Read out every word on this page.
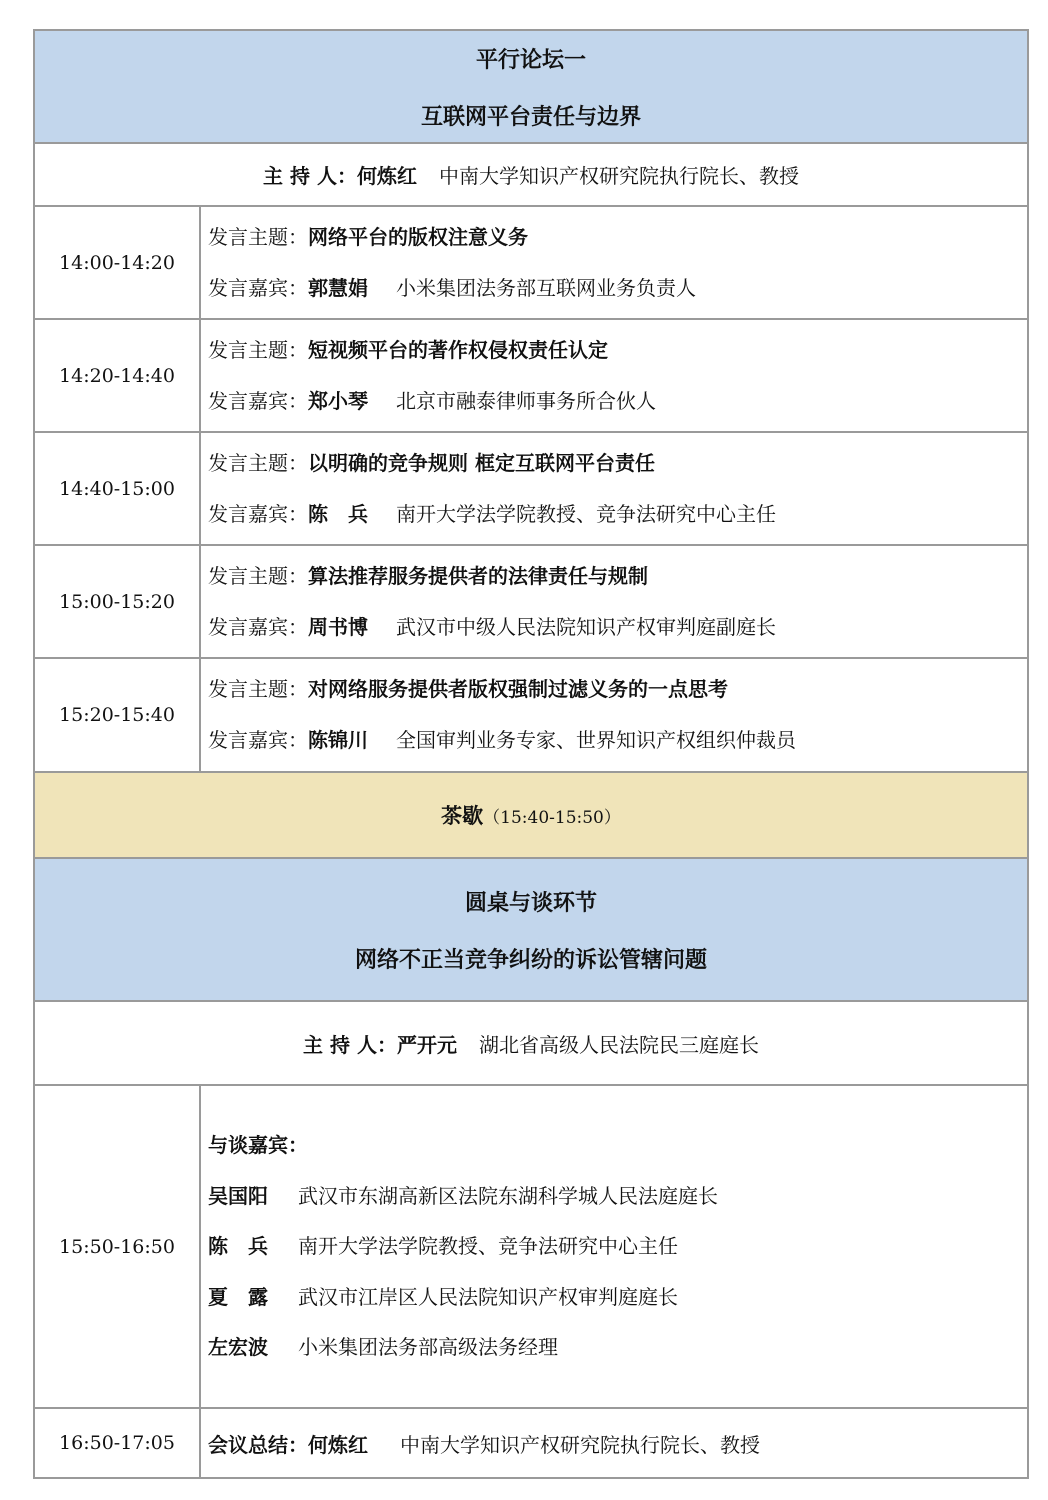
平行论坛一
互联网平台责任与边界	

主 持 人：何炼红 中南大学知识产权研究院执行院长、教授	
14:00-14:20	发言主题：网络平台的版权注意义务
发言嘉宾：郭慧娟 小米集团法务部互联网业务负责人

14:20-14:40	发言主题：短视频平台的著作权侵权责任认定
发言嘉宾：郑小琴 北京市融泰律师事务所合伙人

14:40-15:00	发言主题：以明确的竞争规则 框定互联网平台责任
发言嘉宾：陈　兵 南开大学法学院教授、竞争法研究中心主任

15:00-15:20	发言主题：算法推荐服务提供者的法律责任与规制
发言嘉宾：周书博 武汉市中级人民法院知识产权审判庭副庭长

15:20-15:40	发言主题：对网络服务提供者版权强制过滤义务的一点思考
发言嘉宾：陈锦川 全国审判业务专家、世界知识产权组织仲裁员

茶歇（15:40-15:50）	

圆桌与谈环节
网络不正当竞争纠纷的诉讼管辖问题	

主 持 人：严开元 湖北省高级人民法院民三庭庭长	
15:50-16:50	与谈嘉宾：
吴国阳 武汉市东湖高新区法院东湖科学城人民法庭庭长
陈　兵 南开大学法学院教授、竞争法研究中心主任
夏　露 武汉市江岸区人民法院知识产权审判庭庭长
左宏波 小米集团法务部高级法务经理

16:50-17:05	会议总结：何炼红 中南大学知识产权研究院执行院长、教授
